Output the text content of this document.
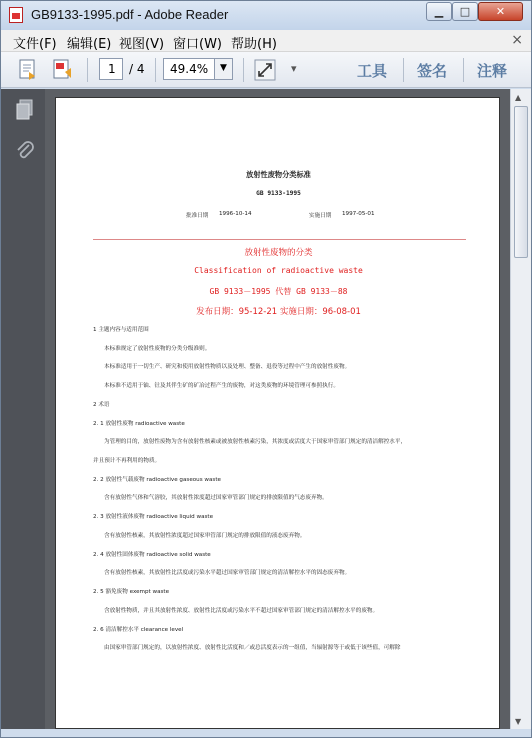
GB9133-1995.pdf - Adobe Reader	▁	□	✕
文件(F) 编辑(E) 视图(V) 窗口(W) 帮助(H)	×
1	/ 4	49.4%	▼	▾	工具 签名 注释
放射性废物分类标准
GB 9133-1995
批准日期 1996-10-14	实施日期 1997-05-01
放射性废物的分类
Classification of radioactive waste
GB 9133－1995 代替 GB 9133－88
发布日期：95-12-21 实施日期：96-08-01
1 主题内容与适用范围
本标准规定了放射性废物的分类分级准则。
本标准适用于一切生产、研究和使用放射性物质以及处理、整备、退役等过程中产生的放射性废物。
本标准不适用于铀、钍及其伴生矿的矿冶过程产生的废物，对这类废物的环境管理可参照执行。
2 术语
2. 1 放射性废物 radioactive waste
为管理的目的，放射性废物为含有放射性核素或被放射性核素污染，其浓度或活度大于国家审管部门规定的清洁解控水平，
并且预计不再利用的物质。
2. 2 放射性气载废物 radioactive gaseous waste
含有放射性气体和气溶胶，其放射性浓度超过国家审管部门规定的排放限值的气态废弃物。
2. 3 放射性液体废物 radioactive liquid waste
含有放射性核素，其放射性浓度超过国家审管部门规定的排放限值的液态废弃物。
2. 4 放射性固体废物 radioactive solid waste
含有放射性核素，其放射性比活度或污染水平超过国家审管部门规定的清洁解控水平的固态废弃物。
2. 5 豁免废物 exempt waste
含放射性物质，并且其放射性浓度、放射性比活度或污染水平不超过国家审管部门规定的清洁解控水平的废物。
2. 6 清洁解控水平 clearance level
由国家审管部门规定的，以放射性浓度、放射性比活度和／或总活度表示的一组值，当辐射源等于或低于该些值，可解除
▲
▼
